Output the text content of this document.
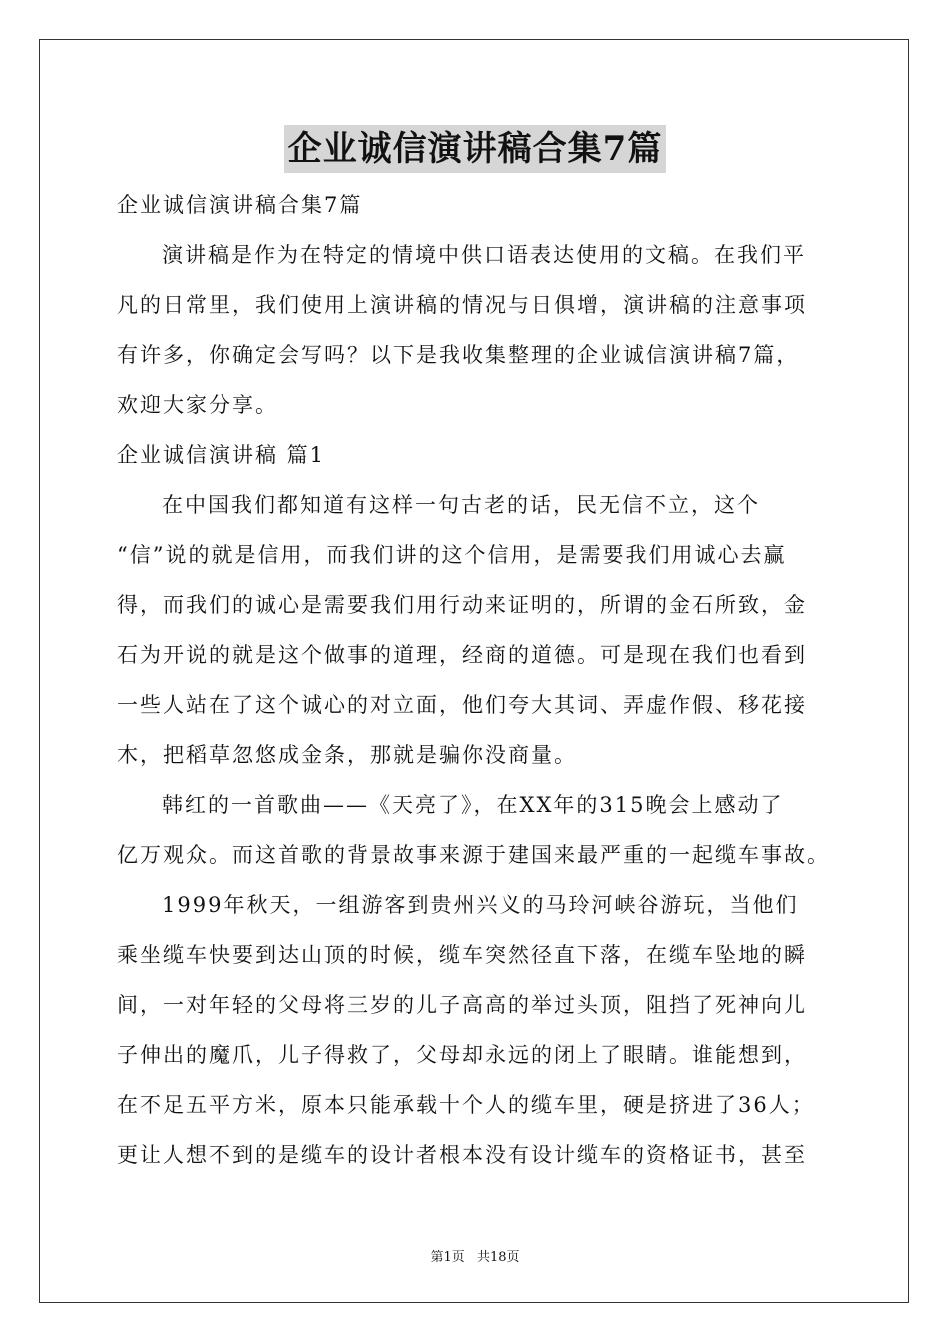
企业诚信演讲稿合集7篇
企业诚信演讲稿合集7篇
演讲稿是作为在特定的情境中供口语表达使用的文稿。在我们平
凡的日常里，我们使用上演讲稿的情况与日俱增，演讲稿的注意事项
有许多，你确定会写吗？以下是我收集整理的企业诚信演讲稿7篇，
欢迎大家分享。
企业诚信演讲稿 篇1
在中国我们都知道有这样一句古老的话，民无信不立，这个
“信”说的就是信用，而我们讲的这个信用，是需要我们用诚心去赢
得，而我们的诚心是需要我们用行动来证明的，所谓的金石所致，金
石为开说的就是这个做事的道理，经商的道德。可是现在我们也看到
一些人站在了这个诚心的对立面，他们夸大其词、弄虚作假、移花接
木，把稻草忽悠成金条，那就是骗你没商量。
韩红的一首歌曲——《天亮了》，在XX年的315晚会上感动了
亿万观众。而这首歌的背景故事来源于建国来最严重的一起缆车事故。
1999年秋天，一组游客到贵州兴义的马玲河峡谷游玩，当他们
乘坐缆车快要到达山顶的时候，缆车突然径直下落，在缆车坠地的瞬
间，一对年轻的父母将三岁的儿子高高的举过头顶，阻挡了死神向儿
子伸出的魔爪，儿子得救了，父母却永远的闭上了眼睛。谁能想到，
在不足五平方米，原本只能承载十个人的缆车里，硬是挤进了36人；
更让人想不到的是缆车的设计者根本没有设计缆车的资格证书，甚至
第1页 共18页
